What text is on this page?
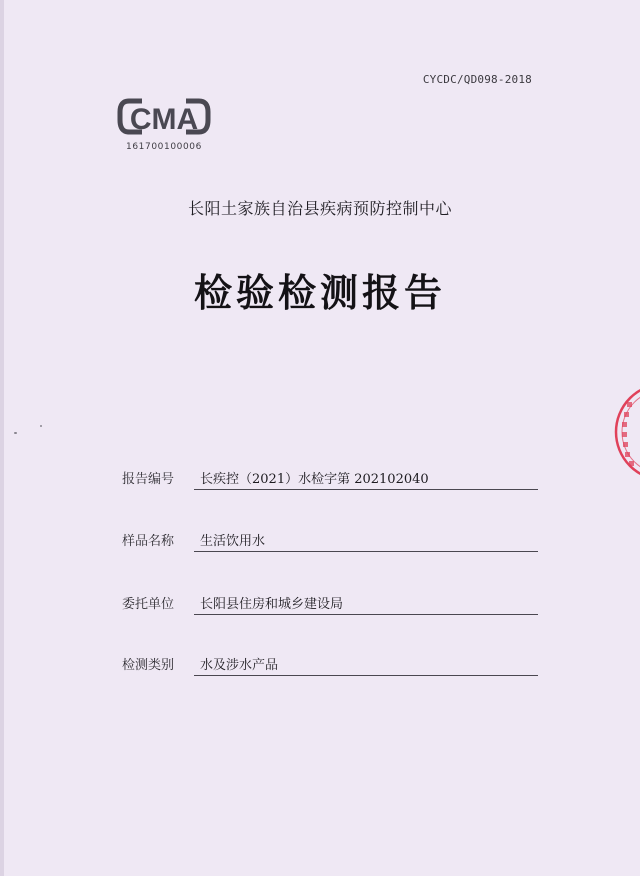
CYCDC/QD098-2018
CMA
161700100006
长阳土家族自治县疾病预防控制中心
检验检测报告
报告编号 长疾控（2021）水检字第 202102040
样品名称 生活饮用水
委托单位 长阳县住房和城乡建设局
检测类别 水及涉水产品
